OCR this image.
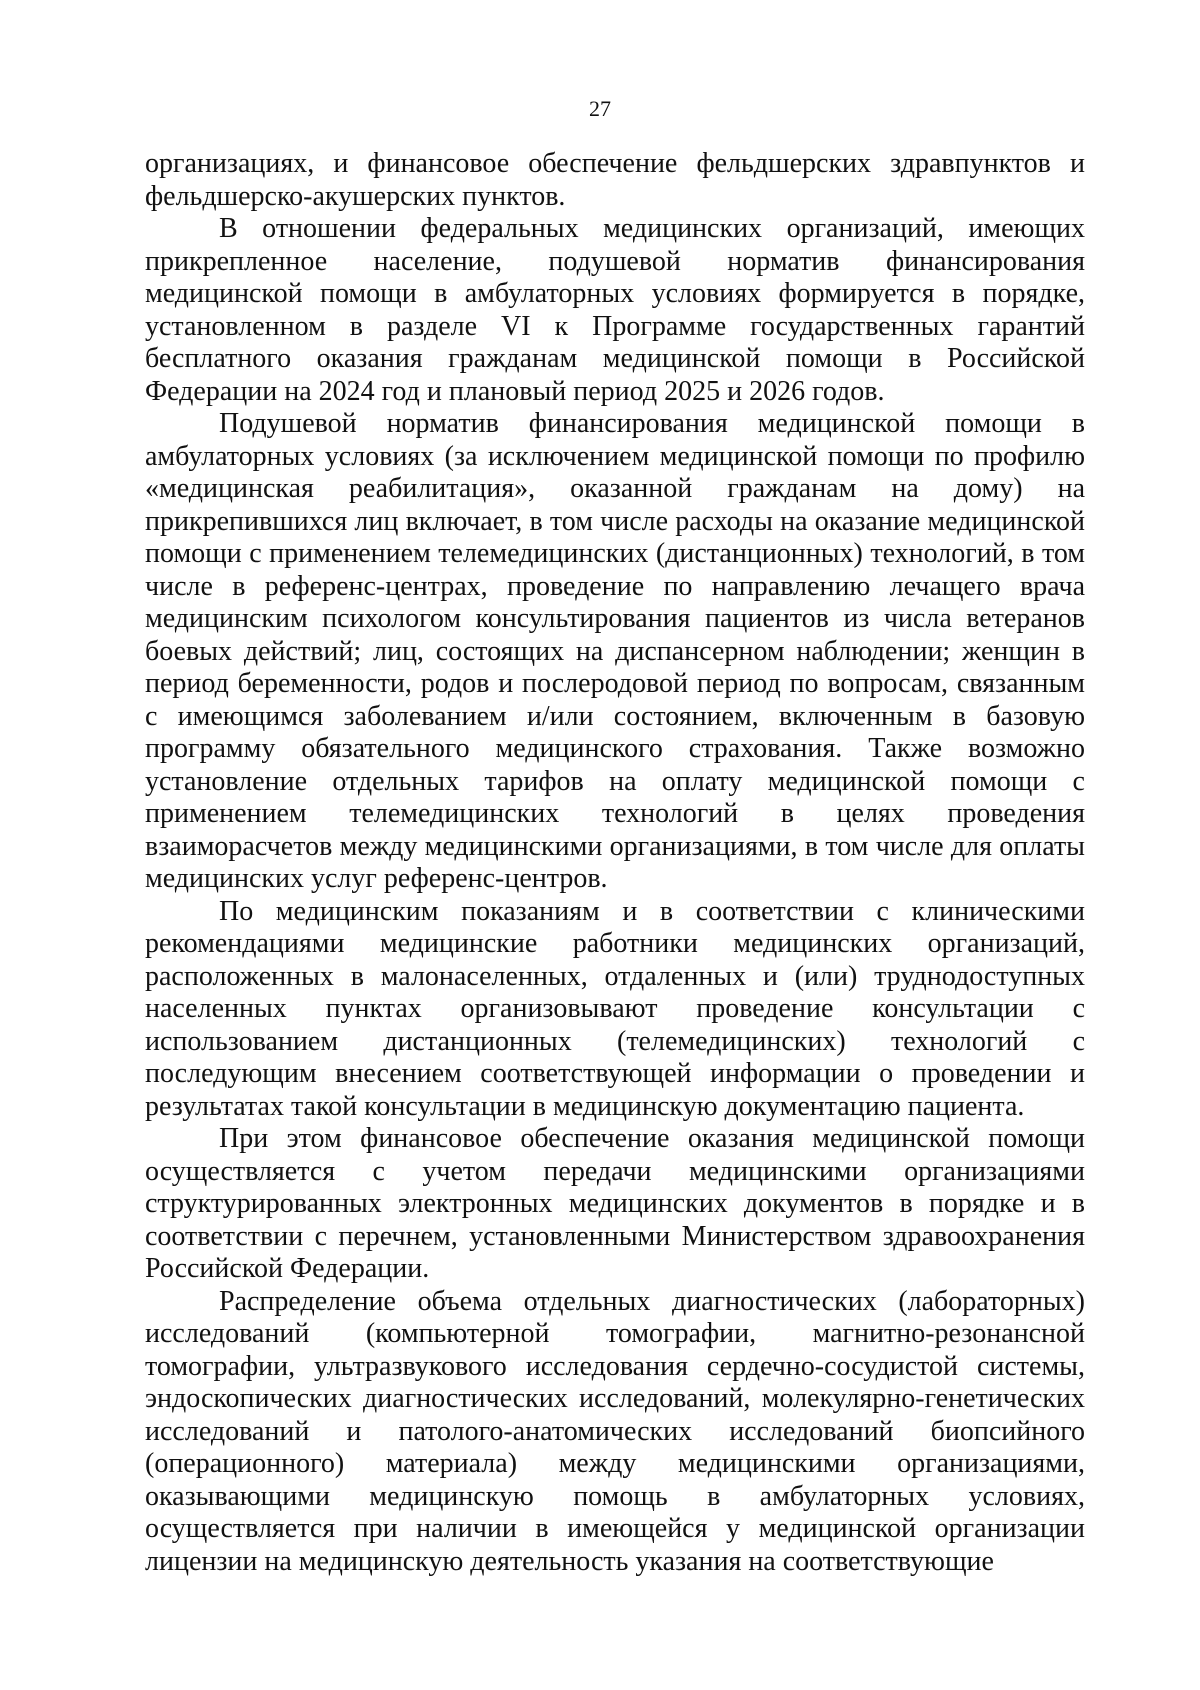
27

организациях, и финансовое обеспечение фельдшерских здравпунктов и фельдшерско-акушерских пунктов.

В отношении федеральных медицинских организаций, имеющих прикрепленное население, подушевой норматив финансирования медицинской помощи в амбулаторных условиях формируется в порядке, установленном в разделе VI к Программе государственных гарантий бесплатного оказания гражданам медицинской помощи в Российской Федерации на 2024 год и плановый период 2025 и 2026 годов.

Подушевой норматив финансирования медицинской помощи в амбулаторных условиях (за исключением медицинской помощи по профилю «медицинская реабилитация», оказанной гражданам на дому) на прикрепившихся лиц включает, в том числе расходы на оказание медицинской помощи с применением телемедицинских (дистанционных) технологий, в том числе в референс-центрах, проведение по направлению лечащего врача медицинским психологом консультирования пациентов из числа ветеранов боевых действий; лиц, состоящих на диспансерном наблюдении; женщин в период беременности, родов и послеродовой период по вопросам, связанным с имеющимся заболеванием и/или состоянием, включенным в базовую программу обязательного медицинского страхования. Также возможно установление отдельных тарифов на оплату медицинской помощи с применением телемедицинских технологий в целях проведения взаиморасчетов между медицинскими организациями, в том числе для оплаты медицинских услуг референс-центров.

По медицинским показаниям и в соответствии с клиническими рекомендациями медицинские работники медицинских организаций, расположенных в малонаселенных, отдаленных и (или) труднодоступных населенных пунктах организовывают проведение консультации с использованием дистанционных (телемедицинских) технологий с последующим внесением соответствующей информации о проведении и результатах такой консультации в медицинскую документацию пациента.

При этом финансовое обеспечение оказания медицинской помощи осуществляется с учетом передачи медицинскими организациями структурированных электронных медицинских документов в порядке и в соответствии с перечнем, установленными Министерством здравоохранения Российской Федерации.

Распределение объема отдельных диагностических (лабораторных) исследований (компьютерной томографии, магнитно-резонансной томографии, ультразвукового исследования сердечно-сосудистой системы, эндоскопических диагностических исследований, молекулярно-генетических исследований и патолого-анатомических исследований биопсийного (операционного) материала) между медицинскими организациями, оказывающими медицинскую помощь в амбулаторных условиях, осуществляется при наличии в имеющейся у медицинской организации лицензии на медицинскую деятельность указания на соответствующие
